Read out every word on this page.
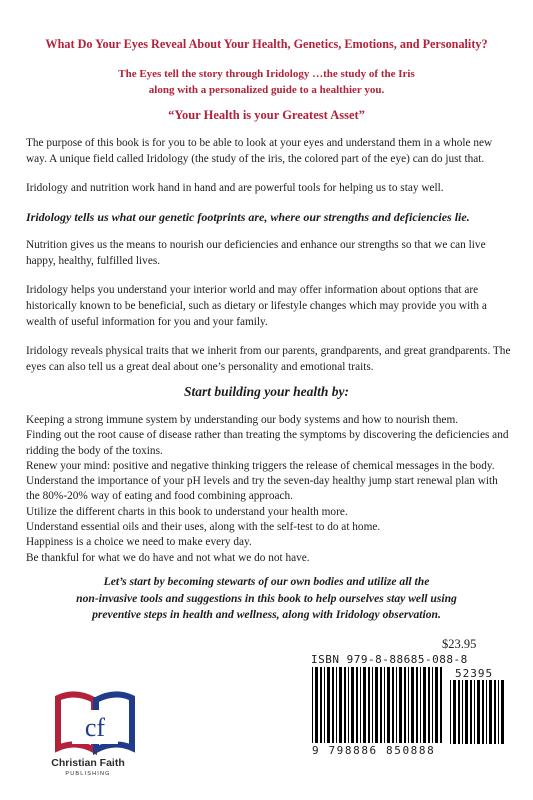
What Do Your Eyes Reveal About Your Health, Genetics, Emotions, and Personality?
The Eyes tell the story through Iridology …the study of the Iris
along with a personalized guide to a healthier you.
“Your Health is your Greatest Asset”

The purpose of this book is for you to be able to look at your eyes and understand them in a whole new way. A unique field called Iridology (the study of the iris, the colored part of the eye) can do just that.

Iridology and nutrition work hand in hand and are powerful tools for helping us to stay well.

Iridology tells us what our genetic footprints are, where our strengths and deficiencies lie.

Nutrition gives us the means to nourish our deficiencies and enhance our strengths so that we can live happy, healthy, fulfilled lives.

Iridology helps you understand your interior world and may offer information about options that are historically known to be beneficial, such as dietary or lifestyle changes which may provide you with a wealth of useful information for you and your family.

Iridology reveals physical traits that we inherit from our parents, grandparents, and great grandparents. The eyes can also tell us a great deal about one’s personality and emotional traits.

Start building your health by:
Keeping a strong immune system by understanding our body systems and how to nourish them.
Finding out the root cause of disease rather than treating the symptoms by discovering the deficiencies and ridding the body of the toxins.
Renew your mind: positive and negative thinking triggers the release of chemical messages in the body.
Understand the importance of your pH levels and try the seven-day healthy jump start renewal plan with the 80%-20% way of eating and food combining approach.
Utilize the different charts in this book to understand your health more.
Understand essential oils and their uses, along with the self-test to do at home.
Happiness is a choice we need to make every day.
Be thankful for what we do have and not what we do not have.
Let’s start by becoming stewarts of our own bodies and utilize all the
non-invasive tools and suggestions in this book to help ourselves stay well using
preventive steps in health and wellness, along with Iridology observation.
cf
Christian Faith
PUBLISHING
$23.95
ISBN 979-8-88685-088-8
52395
9 798886 850888
